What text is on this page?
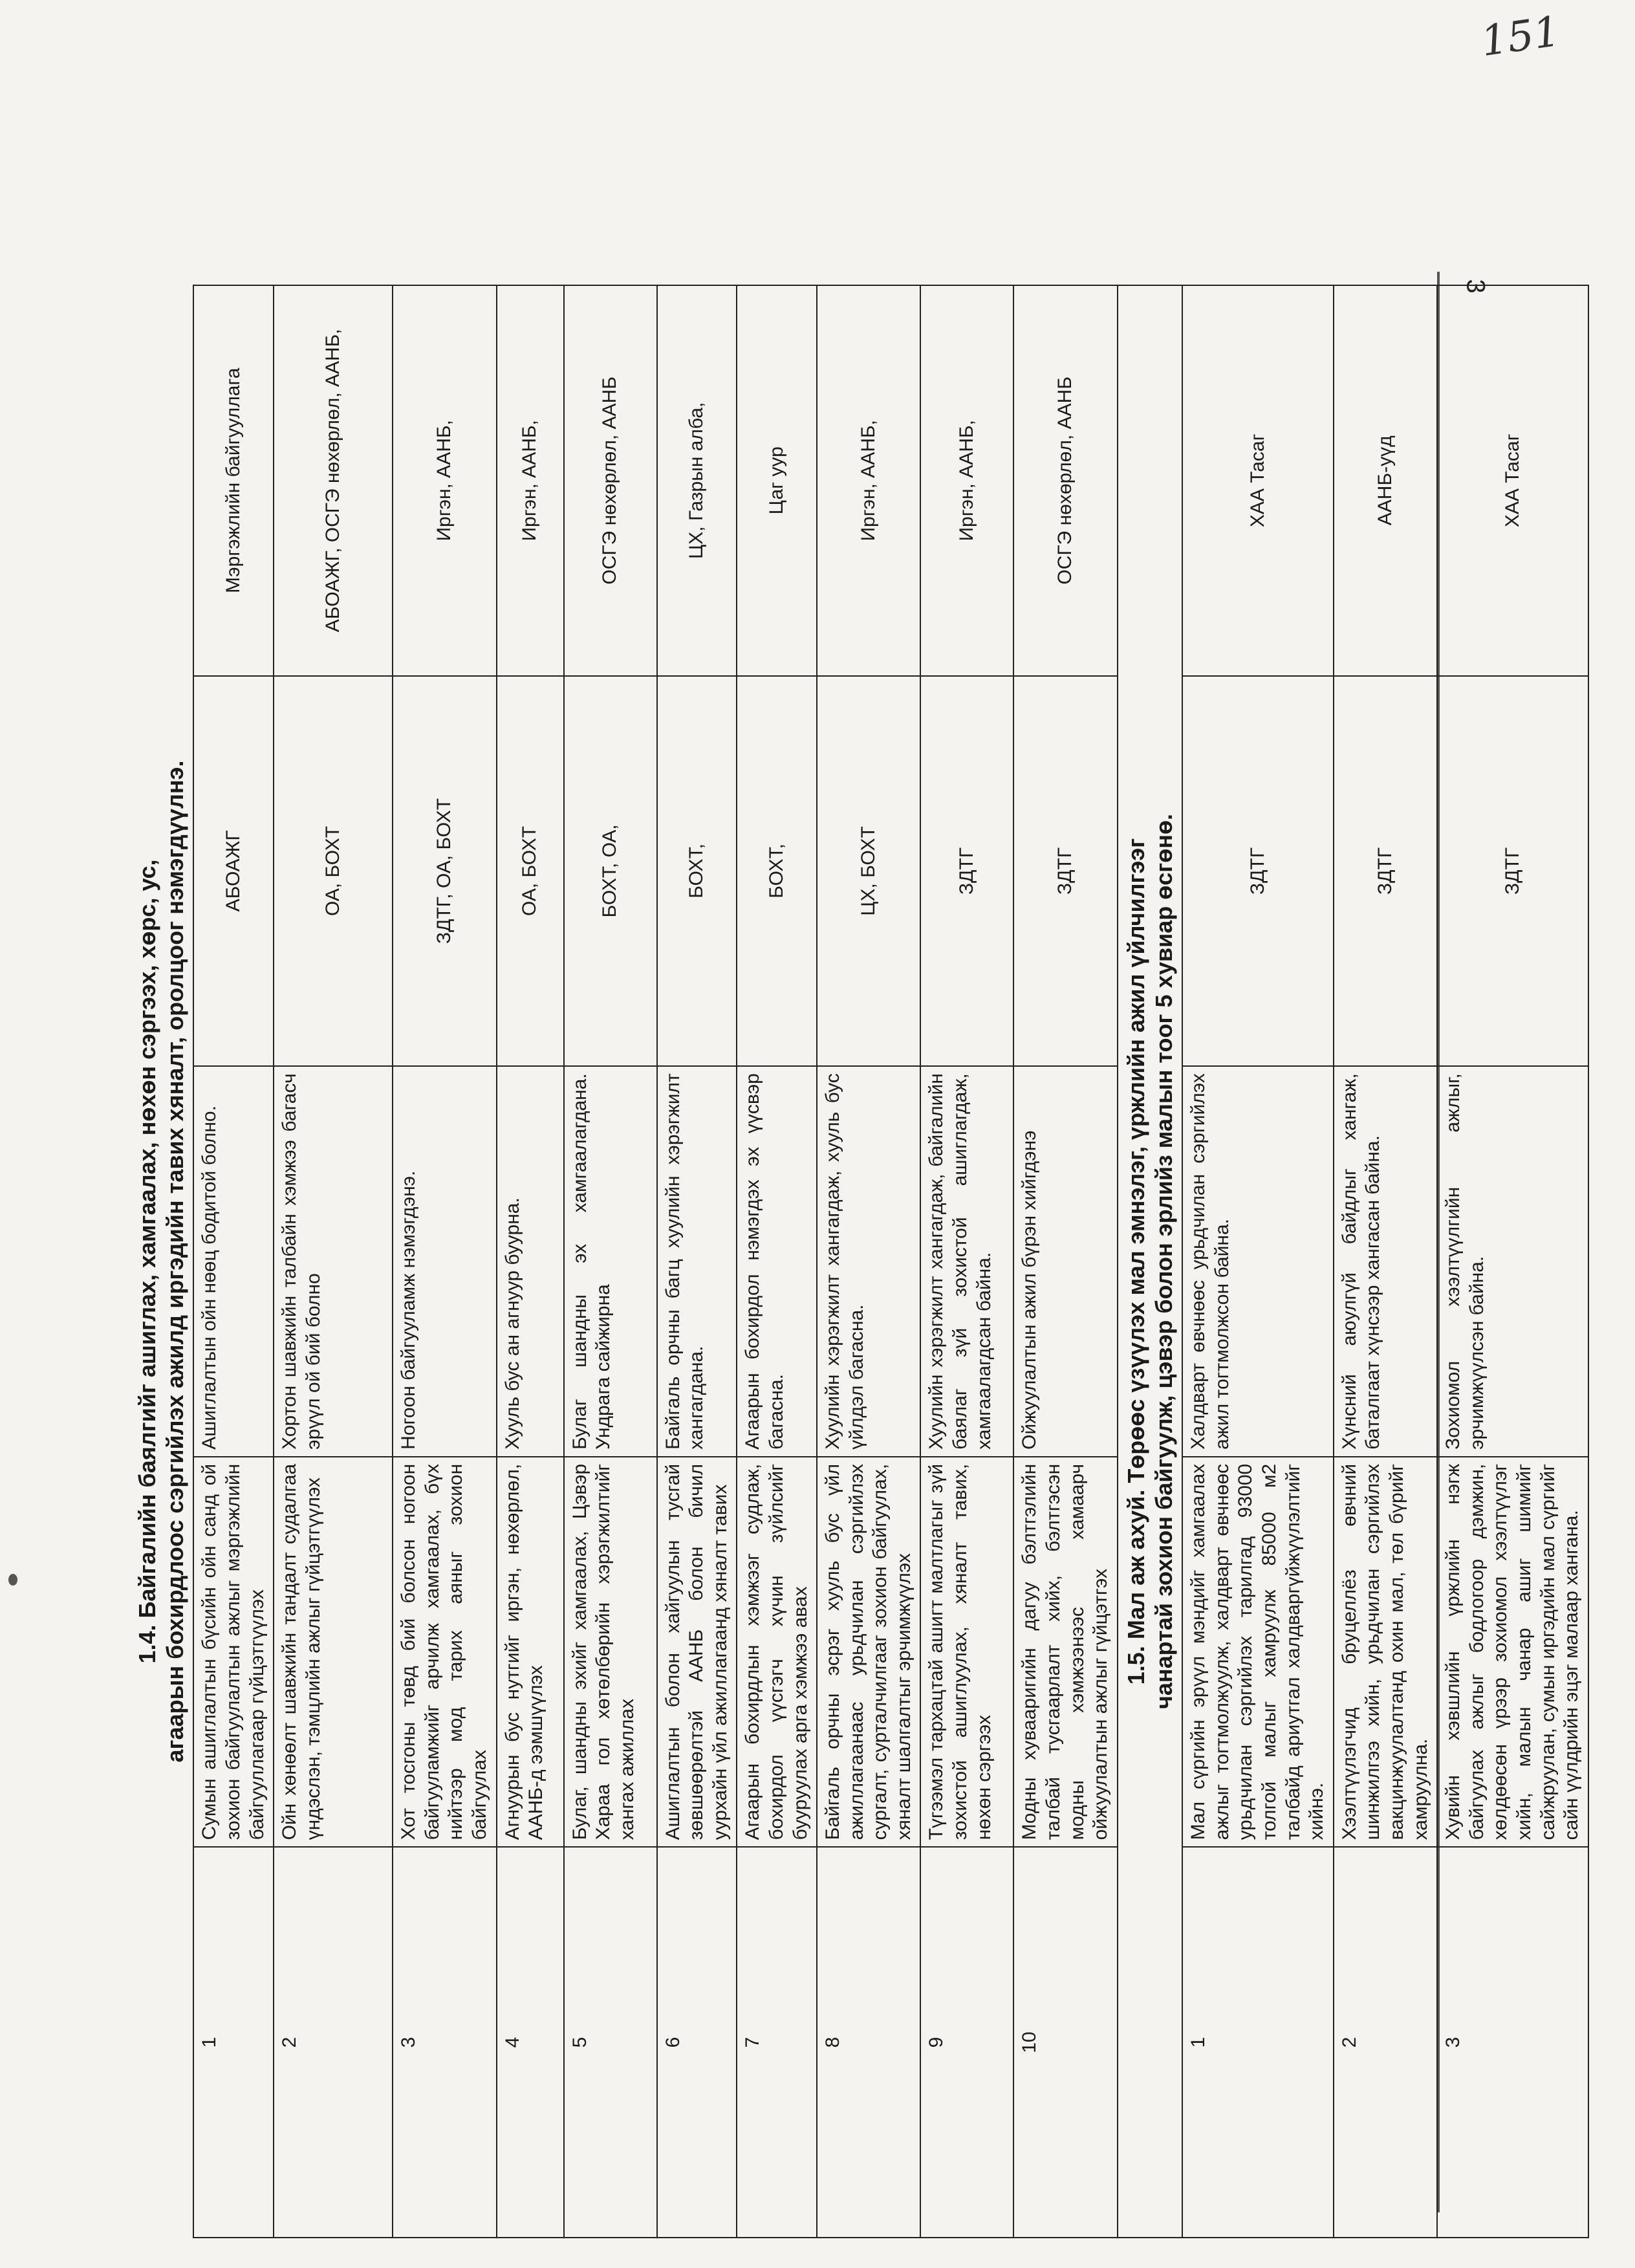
151
3
1.4. Байгалийн баялгийг ашиглах, хамгаалах, нөхөн сэргээх, хөрс, ус, агаарын бохирдлоос сэргийлэх ажилд иргэдийн тавих хяналт, оролцоог нэмэгдүүлнэ.				

1	Сумын ашиглалтын бүсийн ойн санд ой зохион байгуулалтын ажлыг мэргэжлийн байгууллагаар гүйцэтгүүлэх	Ашиглалтын ойн нөөц бодитой болно.	АБОАЖГ	Мэргэжлийн байгууллага
2	Ойн хөнөөлт шавжийн тандалт судалгаа үндэслэн, тэмцлийн ажлыг гүйцэтгүүлэх	Хортон шавжийн талбайн хэмжээ багасч эрүүл ой бий болно	ОА, БОХТ	АБОАЖГ, ОСГЭ нөхөрлөл, ААНБ,
3	Хот тосгоны төвд бий болсон ногоон байгууламжийг арчилж хамгаалах, бүх нийтээр мод тарих аяныг зохион байгуулах	Ногоон байгууламж нэмэгдэнэ.	ЗДТГ, ОА, БОХТ	Иргэн, ААНБ,
4	Агнуурын бус нутгийг иргэн, нөхөрлөл, ААНБ-д ээмшүүлэх	Хууль бус ан агнуур буурна.	ОА, БОХТ	Иргэн, ААНБ,
5	Булаг, шандны эхийг хамгаалах, Цэвэр Хараа гол хөтөлбөрийн хэрэгжилтийг хангах ажиллах	Булаг шандны эх хамгаалагдана. Ундрага сайжирна	БОХТ, ОА,	ОСГЭ нөхөрлөл, ААНБ
6	Ашиглалтын болон хайгуулын тусгай зөвшөөрөлтэй ААНБ болон бичил уурхайн үйл ажиллагаанд хяналт тавих	Байгаль орчны багц хуулийн хэрэгжилт хангагдана.	БОХТ,	ЦХ, Газрын алба,
7	Агаарын бохирдлын хэмжээг судлаж, бохирдол үүсгэгч хүчин зүйлсийг бууруулах арга хэмжээ авах	Агаарын бохирдол нэмэгдэх эх үүсвэр багасна.	БОХТ,	Цаг уур
8	Байгаль орчны эсрэг хууль бус үйл ажиллагаанаас урьдчилан сэргийлэх сургалт, сурталчилгааг зохион байгуулах, хяналт шалгалтыг эрчимжүүлэх	Хуулийн хэрэгжилт хангагдаж, хууль бус үйлдэл багасна.	ЦХ, БОХТ	Иргэн, ААНБ,
9	Түгээмэл тархацтай ашигт малтлагыг зүй зохистой ашиглуулах, хяналт тавих, нөхөн сэргээх	Хуулийн хэрэгжилт хангагдаж, байгалийн баялаг зүй зохистой ашиглагдаж, хамгаалагдсан байна.	ЗДТГ	Иргэн, ААНБ,
10	Модны хувааригийн дагуу бэлтгэлийн талбай тусгаарлалт хийх, бэлтгэсэн модны хэмжээнээс хамаарч ойжуулалтын ажлыг гүйцэтгэх	Ойжуулалтын ажил бүрэн хийгдэнэ	ЗДТГ	ОСГЭ нөхөрлөл, ААНБ

1.5. Мал аж ахуй. Төрөөс үзүүлэх мал эмнэлэг, үржлийн ажил үйлчилгээг чанартай зохион байгуулж, цэвэр болон эрлийз малын тоог 5 хувиар өсгөнө.				

1	Мал сүргийн эрүүл мэндийг хамгаалах ажлыг тогтмолжуулж, халдварт өвчнөөс урьдчилан сэргийлэх тарилгад 93000 толгой малыг хамруулж 85000 м2 талбайд ариутгал халдваргүйжүүлэлтийг хийнэ.	Халдварт өвчнөөс урьдчилан сэргийлэх ажил тогтмолжсон байна.	ЗДТГ	ХАА Тасаг
2	Хээлтүүлэгчид бруцеллёз өвчний шинжилгээ хийн, урьдчилан сэргийлэх вакцинжуулалтанд охин мал, төл бүрийг хамруулна.	Хүнсний аюулгүй байдлыг хангаж, баталгаат хүнсээр хангасан байна.	ЗДТГ	ААНБ-уүд
3	Хувийн хэвшлийн үржлийн нэгж байгуулах ажлыг бодлогоор дэмжин, хөлдөөсөн үрээр зохиомол хээлтүүлэг хийн, малын чанар ашиг шимийг сайжруулан, сумын иргэдийн мал сүргийг сайн үүлдрийн эцэг малаар хангана.	Зохиомол хээлтүүлгийн ажлыг, эрчимжүүлсэн байна.	ЗДТГ	ХАА Тасаг
